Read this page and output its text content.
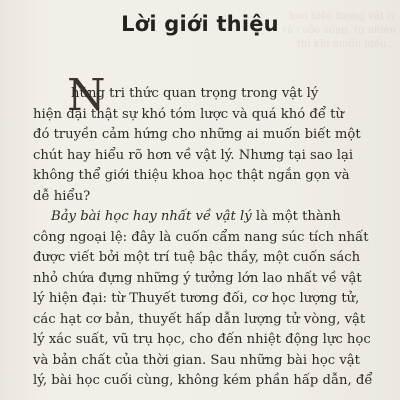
bao hiện tượng vật lý
và cuộc sống, tự nhiên
thì khi muốn hiểu...
Lời giới thiệu
N
hững tri thức quan trọng trong vật lý
hiện đại thật sự khó tóm lược và quá khó để từ
đó truyền cảm hứng cho những ai muốn biết một
chút hay hiểu rõ hơn về vật lý. Nhưng tại sao lại
không thể giới thiệu khoa học thật ngắn gọn và
dễ hiểu?
Bảy bài học hay nhất về vật lý là một thành
công ngoại lệ: đây là cuốn cẩm nang súc tích nhất
được viết bởi một trí tuệ bậc thầy, một cuốn sách
nhỏ chứa đựng những ý tưởng lớn lao nhất về vật
lý hiện đại: từ Thuyết tương đối, cơ học lượng tử,
các hạt cơ bản, thuyết hấp dẫn lượng tử vòng, vật
lý xác suất, vũ trụ học, cho đến nhiệt động lực học
và bản chất của thời gian. Sau những bài học vật
lý, bài học cuối cùng, không kém phần hấp dẫn, để
